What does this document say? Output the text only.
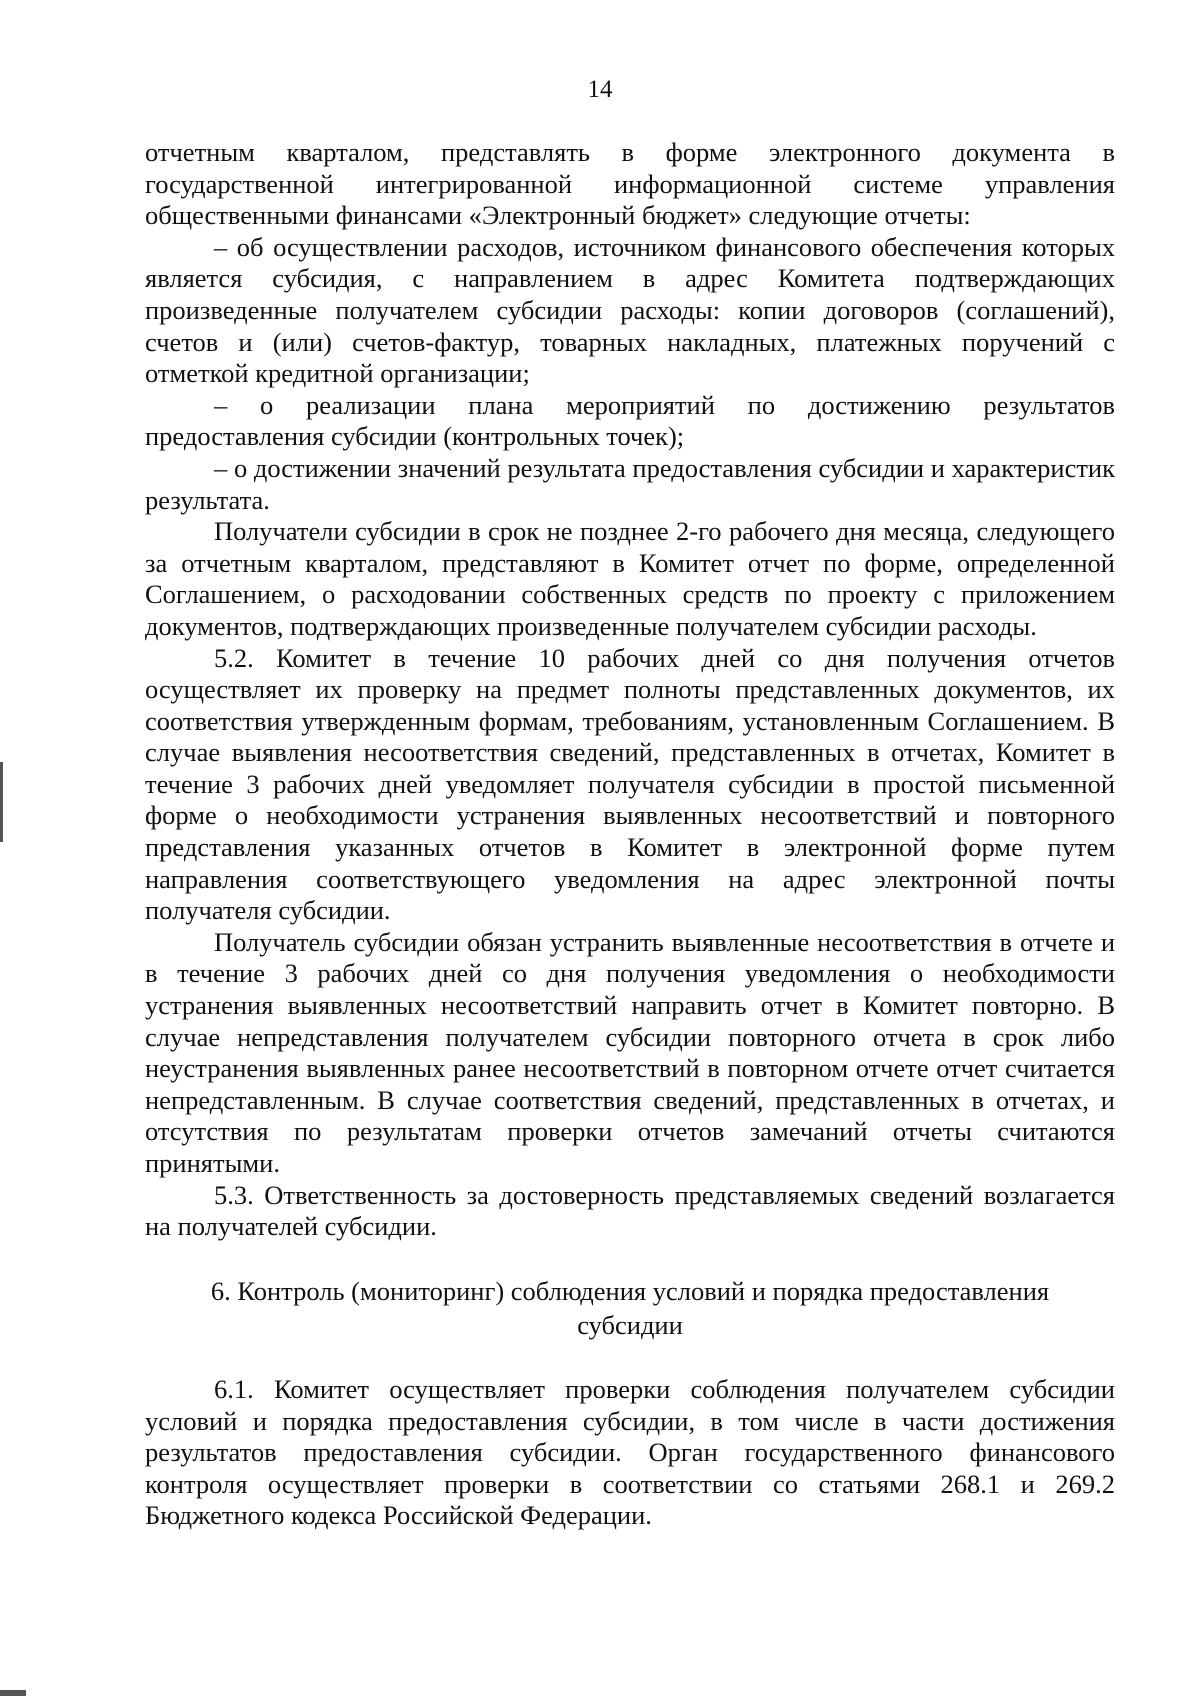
14

отчетным кварталом, представлять в форме электронного документа в государственной интегрированной информационной системе управления общественными финансами «Электронный бюджет» следующие отчеты:

– об осуществлении расходов, источником финансового обеспечения которых является субсидия, с направлением в адрес Комитета подтверждающих произведенные получателем субсидии расходы: копии договоров (соглашений), счетов и (или) счетов-фактур, товарных накладных, платежных поручений с отметкой кредитной организации;

– о реализации плана мероприятий по достижению результатов предоставления субсидии (контрольных точек);

– о достижении значений результата предоставления субсидии и характеристик результата.

Получатели субсидии в срок не позднее 2-го рабочего дня месяца, следующего за отчетным кварталом, представляют в Комитет отчет по форме, определенной Соглашением, о расходовании собственных средств по проекту с приложением документов, подтверждающих произведенные получателем субсидии расходы.

5.2. Комитет в течение 10 рабочих дней со дня получения отчетов осуществляет их проверку на предмет полноты представленных документов, их соответствия утвержденным формам, требованиям, установленным Соглашением. В случае выявления несоответствия сведений, представленных в отчетах, Комитет в течение 3 рабочих дней уведомляет получателя субсидии в простой письменной форме о необходимости устранения выявленных несоответствий и повторного представления указанных отчетов в Комитет в электронной форме путем направления соответствующего уведомления на адрес электронной почты получателя субсидии.

Получатель субсидии обязан устранить выявленные несоответствия в отчете и в течение 3 рабочих дней со дня получения уведомления о необходимости устранения выявленных несоответствий направить отчет в Комитет повторно. В случае непредставления получателем субсидии повторного отчета в срок либо неустранения выявленных ранее несоответствий в повторном отчете отчет считается непредставленным. В случае соответствия сведений, представленных в отчетах, и отсутствия по результатам проверки отчетов замечаний отчеты считаются принятыми.

5.3. Ответственность за достоверность представляемых сведений возлагается на получателей субсидии.

6. Контроль (мониторинг) соблюдения условий и порядка предоставления
субсидии

6.1. Комитет осуществляет проверки соблюдения получателем субсидии условий и порядка предоставления субсидии, в том числе в части достижения результатов предоставления субсидии. Орган государственного финансового контроля осуществляет проверки в соответствии со статьями 268.1 и 269.2 Бюджетного кодекса Российской Федерации.
